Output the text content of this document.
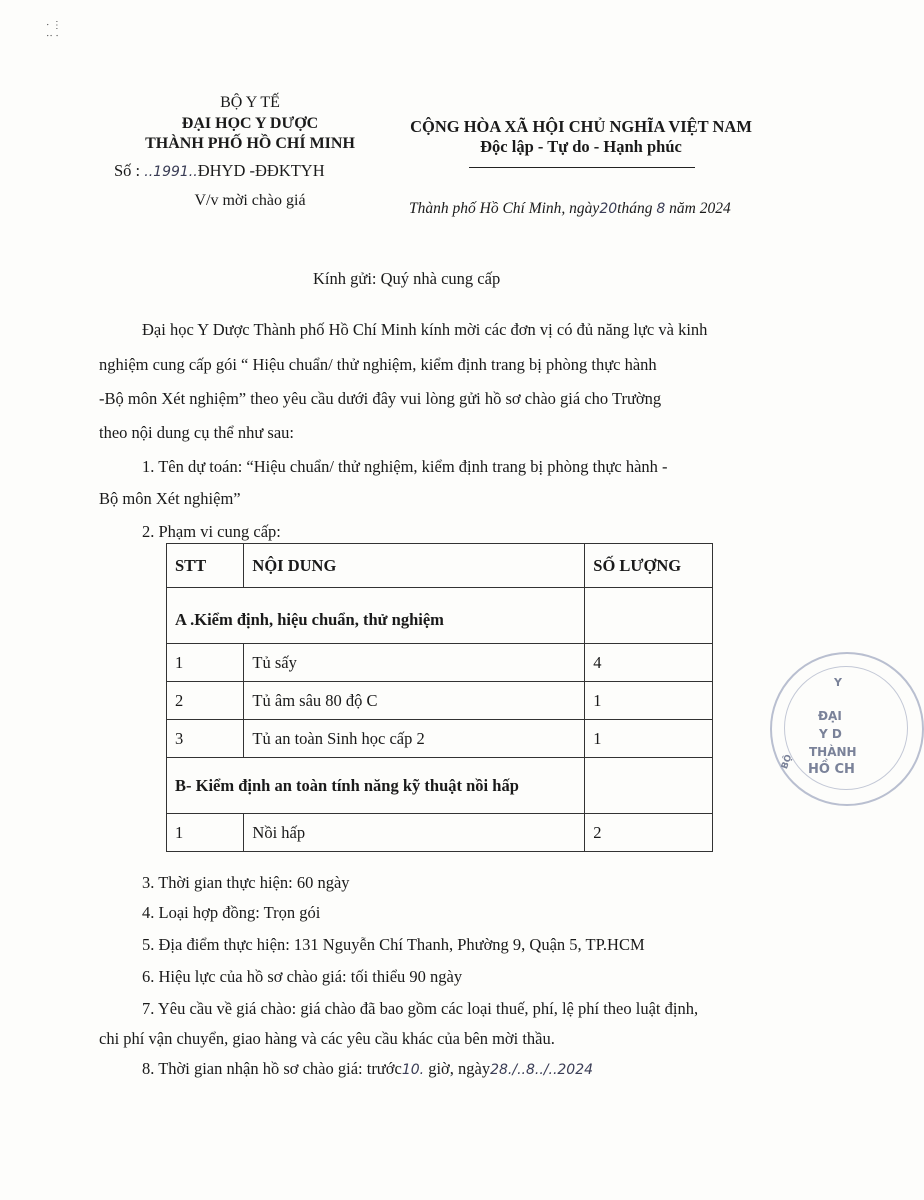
⋅ ⋮
⋅⋅ ⋅
BỘ Y TẾ
ĐẠI HỌC Y DƯỢC
THÀNH PHỐ HỒ CHÍ MINH
Số : ..1991..ĐHYD -ĐĐKTYH
V/v mời chào giá
CỘNG HÒA XÃ HỘI CHỦ NGHĨA VIỆT NAM
Độc lập - Tự do - Hạnh phúc
Thành phố Hồ Chí Minh, ngày20tháng 8 năm 2024
Kính gửi: Quý nhà cung cấp
Đại học Y Dược Thành phố Hồ Chí Minh kính mời các đơn vị có đủ năng lực và kinh
nghiệm cung cấp gói “ Hiệu chuẩn/ thử nghiệm, kiểm định trang bị phòng thực hành
-Bộ môn Xét nghiệm” theo yêu cầu dưới đây vui lòng gửi hồ sơ chào giá cho Trường
theo nội dung cụ thể như sau:
1. Tên dự toán: “Hiệu chuẩn/ thử nghiệm, kiểm định trang bị phòng thực hành -
Bộ môn Xét nghiệm”
2. Phạm vi cung cấp:
STT	NỘI DUNG	SỐ LƯỢNG
A .Kiểm định, hiệu chuẩn, thử nghiệm		
1	Tủ sấy	4
2	Tủ âm sâu 80 độ C	1
3	Tủ an toàn Sinh học cấp 2	1
B- Kiểm định an toàn tính năng kỹ thuật nồi hấp		
1	Nồi hấp	2
3. Thời gian thực hiện: 60 ngày
4. Loại hợp đồng: Trọn gói
5. Địa điểm thực hiện: 131 Nguyễn Chí Thanh, Phường 9, Quận 5, TP.HCM
6. Hiệu lực của hồ sơ chào giá: tối thiểu 90 ngày
7. Yêu cầu về giá chào: giá chào đã bao gồm các loại thuế, phí, lệ phí theo luật định,
chi phí vận chuyển, giao hàng và các yêu cầu khác của bên mời thầu.
8. Thời gian nhận hồ sơ chào giá: trước10. giờ, ngày28./..8../..2024
Y
ĐẠI
Y D
THÀNH
HỒ CH
BỘ
